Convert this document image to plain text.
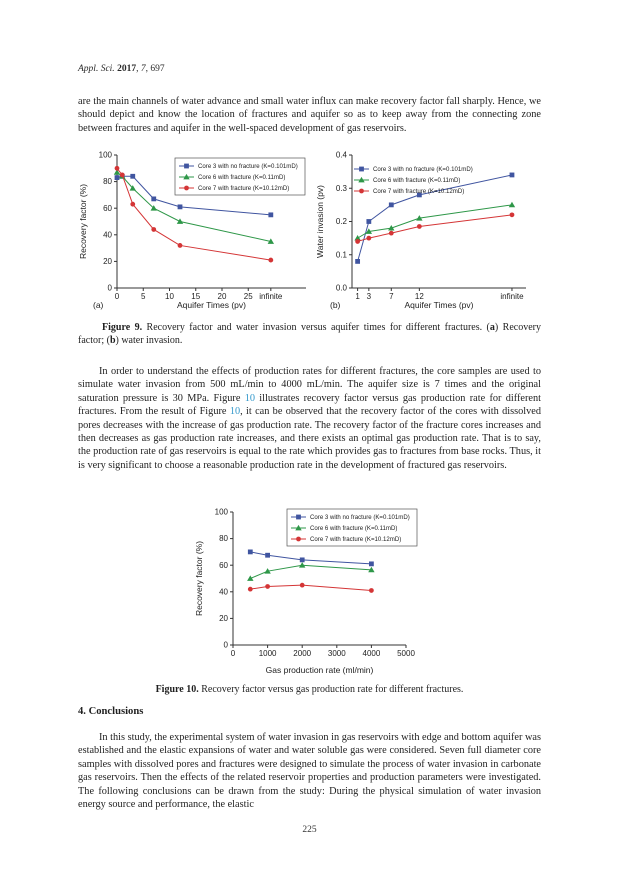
Appl. Sci. 2017, 7, 697

are the main channels of water advance and small water influx can make recovery factor fall sharply. Hence, we should depict and know the location of fractures and aquifer so as to keep away from the connecting zone between fractures and aquifer in the well-spaced development of gas reservoirs.

0	5 10 15 20 25 infinite
0
20
40
60
80
100
Aquifer Times (pv)
Recovery factor (%)
Core 3 with no fracture (K=0.101mD)
Core 6 with fracture (K=0.11mD)
Core 7 with fracture (K=10.12mD)
(a)
1 3 7	12	infinite
0.0
0.1
0.2
0.3
0.4
Aquifer Times (pv)
Water invasion (pv)
Core 3 with no fracture (K=0.101mD)
Core 6 with fracture (K=0.11mD)
Core 7 with fracture (K=10.12mD)
(b)

Figure 9. Recovery factor and water invasion versus aquifer times for different fractures. (a) Recovery factor; (b) water invasion.

In order to understand the effects of production rates for different fractures, the core samples are used to simulate water invasion from 500 mL/min to 4000 mL/min. The aquifer size is 7 times and the original saturation pressure is 30 MPa. Figure 10 illustrates recovery factor versus gas production rate for different fractures. From the result of Figure 10, it can be observed that the recovery factor of the cores with dissolved pores decreases with the increase of gas production rate. The recovery factor of the fracture cores increases and then decreases as gas production rate increases, and there exists an optimal gas production rate. That is to say, the production rate of gas reservoirs is equal to the rate which provides gas to fractures from base rocks. Thus, it is very significant to choose a reasonable production rate in the development of fractured gas reservoirs.

0	1000 2000 3000 4000 5000
0
20
40
60
80
100
Gas production rate (ml/min)
Recovery factor (%)
Core 3 with no fracture (K=0.101mD)
Core 6 with fracture (K=0.11mD)
Core 7 with fracture (K=10.12mD)

Figure 10. Recovery factor versus gas production rate for different fractures.

4. Conclusions

In this study, the experimental system of water invasion in gas reservoirs with edge and bottom aquifer was established and the elastic expansions of water and water soluble gas were considered. Seven full diameter core samples with dissolved pores and fractures were designed to simulate the process of water invasion in carbonate gas reservoirs. Then the effects of the related reservoir properties and production parameters were investigated. The following conclusions can be drawn from the study: During the physical simulation of water invasion energy source and performance, the elastic

225
